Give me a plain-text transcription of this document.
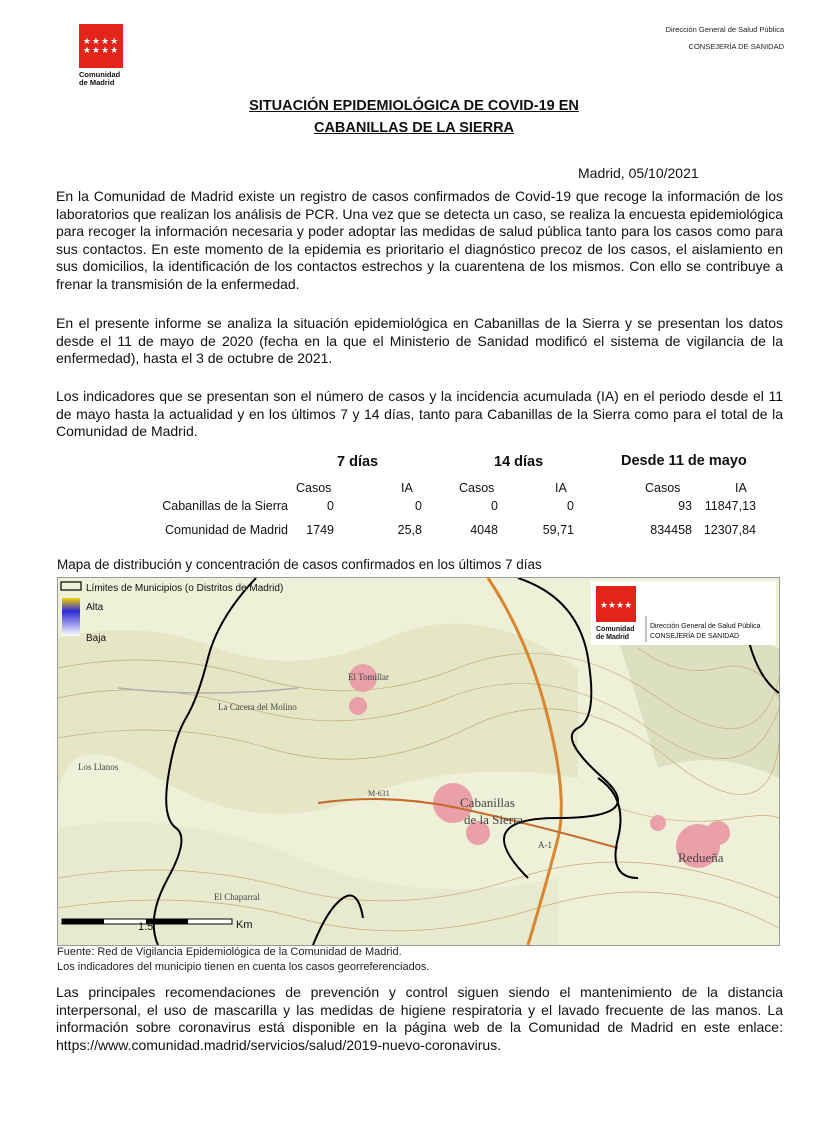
★★★★
★★★★
Comunidad
de Madrid
Dirección General de Salud Pública
CONSEJERÍA DE SANIDAD
SITUACIÓN EPIDEMIOLÓGICA DE COVID-19 EN
CABANILLAS DE LA SIERRA
Madrid, 05/10/2021
En la Comunidad de Madrid existe un registro de casos confirmados de Covid-19 que recoge la información de los laboratorios que realizan los análisis de PCR. Una vez que se detecta un caso, se realiza la encuesta epidemiológica para recoger la información necesaria y poder adoptar las medidas de salud pública tanto para los casos como para sus contactos. En este momento de la epidemia es prioritario el diagnóstico precoz de los casos, el aislamiento en sus domicilios, la identificación de los contactos estrechos y la cuarentena de los mismos. Con ello se contribuye a frenar la transmisión de la enfermedad.
En el presente informe se analiza la situación epidemiológica en Cabanillas de la Sierra y se presentan los datos desde el 11 de mayo de 2020 (fecha en la que el Ministerio de Sanidad modificó el sistema de vigilancia de la enfermedad), hasta el 3 de octubre de 2021.
Los indicadores que se presentan son el número de casos y la incidencia acumulada (IA) en el periodo desde el 11 de mayo hasta la actualidad y en los últimos 7 y 14 días, tanto para Cabanillas de la Sierra como para el total de la Comunidad de Madrid.
7 días	14 días	Desde 11 de mayo
Casos	IA	Casos	IA	Casos	IA
Cabanillas de la Sierra	0	0	0	0	93	11847,13
Comunidad de Madrid	1749	25,8	4048	59,71	834458 12307,84
Mapa de distribución y concentración de casos confirmados en los últimos 7 días
Cabanillas
de la Sierra
Redueña
El Tomillar
El Chaparral
La Cacera del Molino
Los Llanos
M-631
A-1
Límites de Municipios (o Distritos de Madrid)
Alta
Baja
1.5	Km
★★★★
Comunidad
de Madrid
Dirección General de Salud Pública
CONSEJERÍA DE SANIDAD
Fuente: Red de Vigilancia Epidemiológica de la Comunidad de Madrid.
Los indicadores del municipio tienen en cuenta los casos georreferenciados.
Las principales recomendaciones de prevención y control siguen siendo el mantenimiento de la distancia interpersonal, el uso de mascarilla y las medidas de higiene respiratoria y el lavado frecuente de las manos. La información sobre coronavirus está disponible en la página web de la Comunidad de Madrid en este enlace: https://www.comunidad.madrid/servicios/salud/2019-nuevo-coronavirus.
